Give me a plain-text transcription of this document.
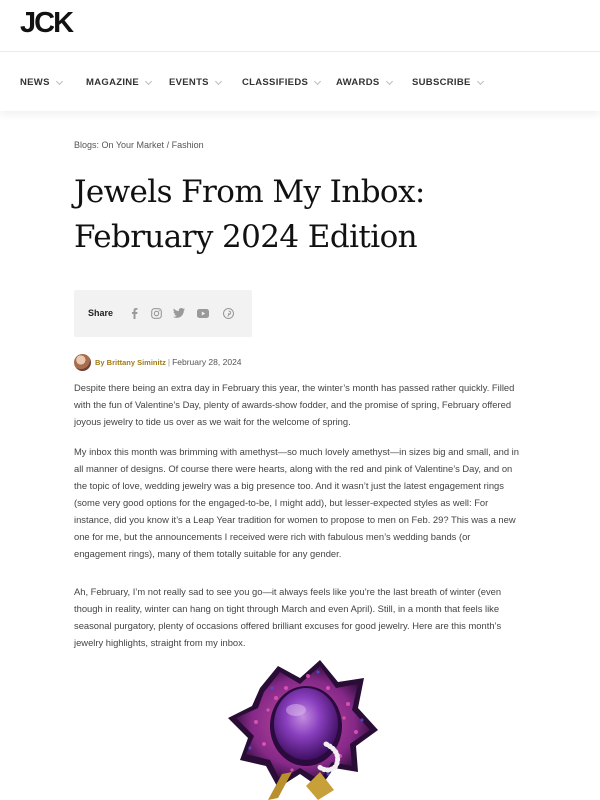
JCK
NEWS	MAGAZINE	EVENTS	CLASSIFIEDS	AWARDS	SUBSCRIBE
Blogs: On Your Market / Fashion
Jewels From My Inbox: February 2024 Edition
Share
By Brittany Siminitz | February 28, 2024

Despite there being an extra day in February this year, the winter’s month has passed rather quickly. Filled with the fun of Valentine’s Day, plenty of awards-show fodder, and the promise of spring, February offered joyous jewelry to tide us over as we wait for the welcome of spring.

My inbox this month was brimming with amethyst—so much lovely amethyst—in sizes big and small, and in all manner of designs. Of course there were hearts, along with the red and pink of Valentine’s Day, and on the topic of love, wedding jewelry was a big presence too. And it wasn’t just the latest engagement rings (some very good options for the engaged-to-be, I might add), but lesser-expected styles as well: For instance, did you know it’s a Leap Year tradition for women to propose to men on Feb. 29? This was a new one for me, but the announcements I received were rich with fabulous men’s wedding bands (or engagement rings), many of them totally suitable for any gender.

Ah, February, I’m not really sad to see you go—it always feels like you’re the last breath of winter (even though in reality, winter can hang on tight through March and even April). Still, in a month that feels like seasonal purgatory, plenty of occasions offered brilliant excuses for good jewelry. Here are this month’s jewelry highlights, straight from my inbox.
